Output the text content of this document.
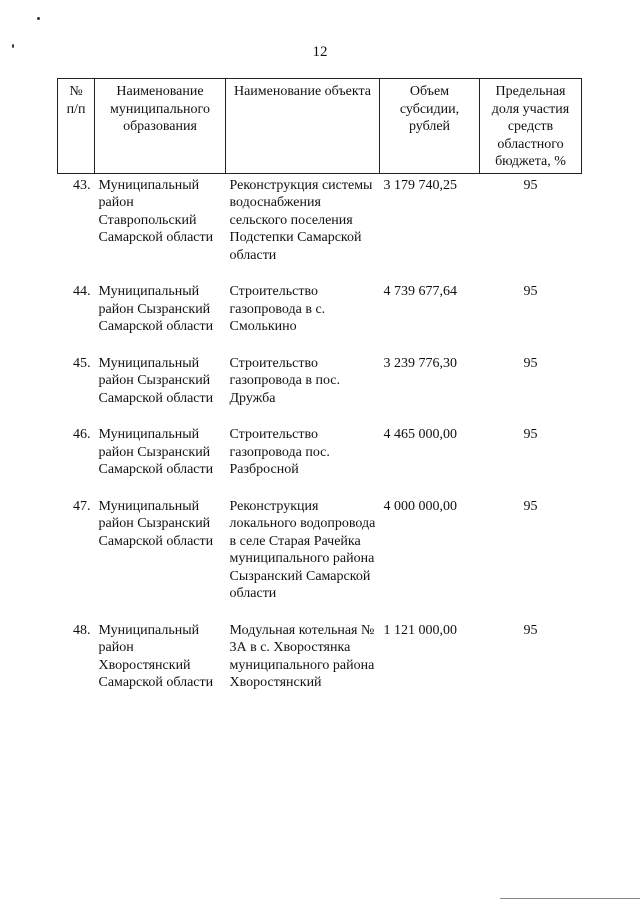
12
№ п/п	Наименование муниципального образования	Наименование объекта	Объем субсидии, рублей	Предельная доля участия средств областного бюджета, %
43.	Муниципальный район Ставропольский Самарской области	Реконструкция системы водоснабжения сельского поселения Подстепки Самарской области	3 179 740,25	95
44.	Муниципальный район Сызранский Самарской области	Строительство газопровода в с. Смолькино	4 739 677,64	95
45.	Муниципальный район Сызранский Самарской области	Строительство газопровода в пос. Дружба	3 239 776,30	95
46.	Муниципальный район Сызранский Самарской области	Строительство газопровода пос. Разбросной	4 465 000,00	95
47.	Муниципальный район Сызранский Самарской области	Реконструкция локального водопровода в селе Старая Рачейка муниципального района Сызранский Самарской области	4 000 000,00	95
48.	Муниципальный район Хворостянский Самарской области	Модульная котельная № 3А в с. Хворостянка муниципального района Хворостянский	1 121 000,00	95
